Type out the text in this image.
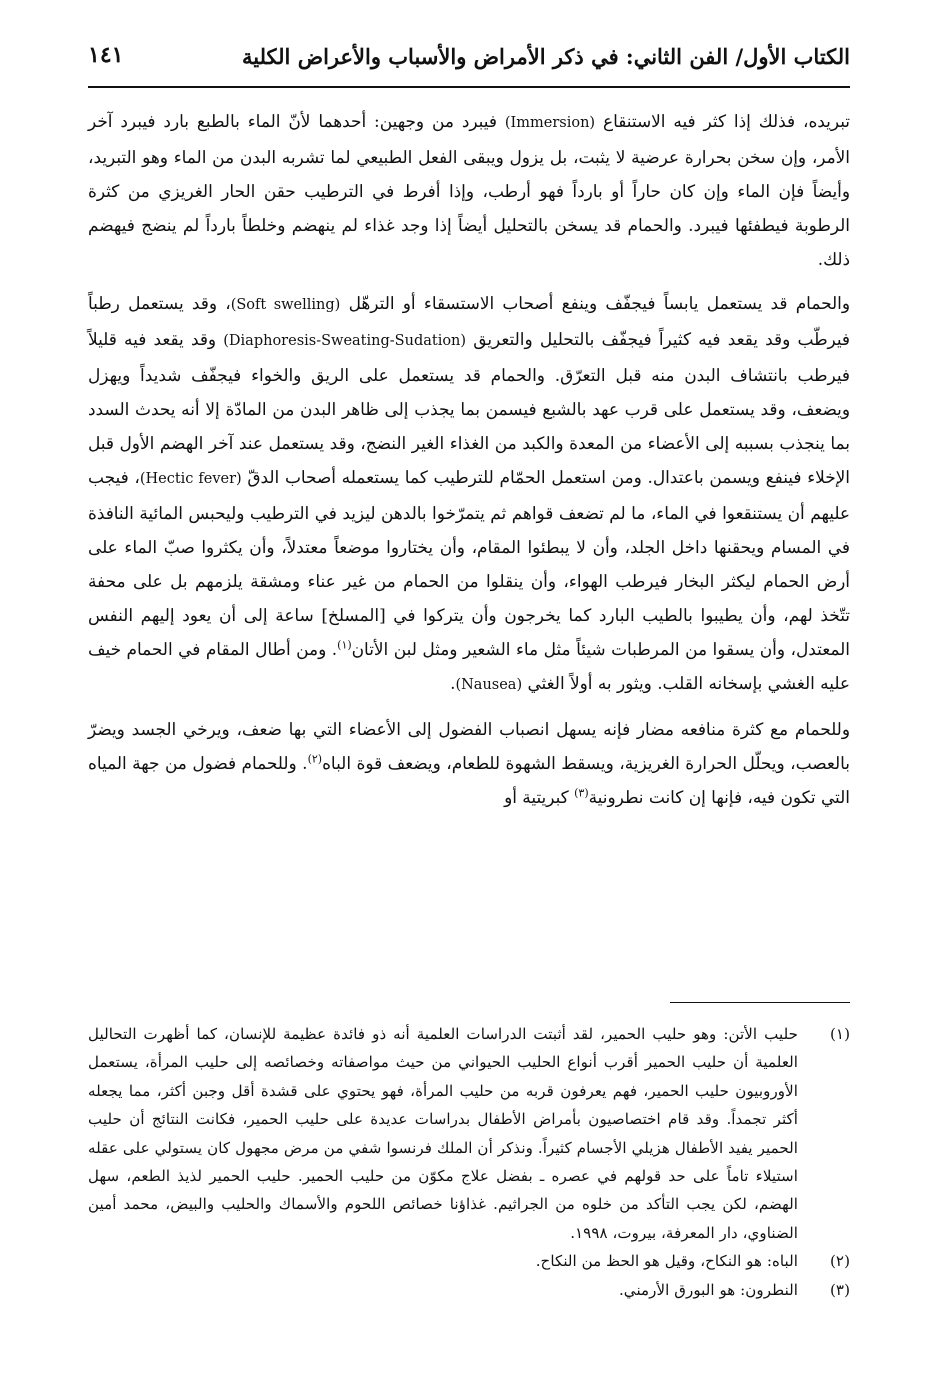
الكتاب الأول/ الفن الثاني: في ذكر الأمراض والأسباب والأعراض الكلية
١٤١

تبريده، فذلك إذا كثر فيه الاستنقاع (Immersion) فيبرد من وجهين: أحدهما لأنّ الماء بالطبع بارد فيبرد آخر الأمر، وإن سخن بحرارة عرضية لا يثبت، بل يزول ويبقى الفعل الطبيعي لما تشربه البدن من الماء وهو التبريد، وأيضاً فإن الماء وإن كان حاراً أو بارداً فهو أرطب، وإذا أفرط في الترطيب حقن الحار الغريزي من كثرة الرطوبة فيطفئها فيبرد. والحمام قد يسخن بالتحليل أيضاً إذا وجد غذاء لم ينهضم وخلطاً بارداً لم ينضج فيهضم ذلك.

والحمام قد يستعمل يابساً فيجفّف وينفع أصحاب الاستسقاء أو الترهّل (Soft swelling)، وقد يستعمل رطباً فيرطّب وقد يقعد فيه كثيراً فيجفّف بالتحليل والتعريق (Diaphoresis-Sweating-Sudation) وقد يقعد فيه قليلاً فيرطب بانتشاف البدن منه قبل التعرّق. والحمام قد يستعمل على الريق والخواء فيجفّف شديداً ويهزل ويضعف، وقد يستعمل على قرب عهد بالشبع فيسمن بما يجذب إلى ظاهر البدن من المادّة إلا أنه يحدث السدد بما ينجذب بسببه إلى الأعضاء من المعدة والكبد من الغذاء الغير النضج، وقد يستعمل عند آخر الهضم الأول قبل الإخلاء فينفع ويسمن باعتدال. ومن استعمل الحمّام للترطيب كما يستعمله أصحاب الدقّ (Hectic fever)، فيجب عليهم أن يستنقعوا في الماء، ما لم تضعف قواهم ثم يتمرّخوا بالدهن ليزيد في الترطيب وليحبس المائية النافذة في المسام ويحقنها داخل الجلد، وأن لا يبطئوا المقام، وأن يختاروا موضعاً معتدلاً، وأن يكثروا صبّ الماء على أرض الحمام ليكثر البخار فيرطب الهواء، وأن ينقلوا من الحمام من غير عناء ومشقة يلزمهم بل على محفة تتّخذ لهم، وأن يطيبوا بالطيب البارد كما يخرجون وأن يتركوا في [المسلخ] ساعة إلى أن يعود إليهم النفس المعتدل، وأن يسقوا من المرطبات شيئاً مثل ماء الشعير ومثل لبن الأتان$^{(١)}$. ومن أطال المقام في الحمام خيف عليه الغشي بإسخانه القلب. ويثور به أولاً الغثي (Nausea).

وللحمام مع كثرة منافعه مضار فإنه يسهل انصباب الفضول إلى الأعضاء التي بها ضعف، ويرخي الجسد ويضرّ بالعصب، ويحلّل الحرارة الغريزية، ويسقط الشهوة للطعام، ويضعف قوة الباه$^{(٢)}$. وللحمام فضول من جهة المياه التي تكون فيه، فإنها إن كانت نطرونية$^{(٣)}$ كبريتية أو

(١)
حليب الأتن: وهو حليب الحمير، لقد أثبتت الدراسات العلمية أنه ذو فائدة عظيمة للإنسان، كما أظهرت التحاليل العلمية أن حليب الحمير أقرب أنواع الحليب الحيواني من حيث مواصفاته وخصائصه إلى حليب المرأة، يستعمل الأوروبيون حليب الحمير، فهم يعرفون قربه من حليب المرأة، فهو يحتوي على قشدة أقل وجبن أكثر، مما يجعله أكثر تجمداً. وقد قام اختصاصيون بأمراض الأطفال بدراسات عديدة على حليب الحمير، فكانت النتائج أن حليب الحمير يفيد الأطفال هزيلي الأجسام كثيراً. ونذكر أن الملك فرنسوا شفي من مرض مجهول كان يستولي على عقله استيلاء تاماً على حد قولهم في عصره ـ بفضل علاج مكوّن من حليب الحمير. حليب الحمير لذيذ الطعم، سهل الهضم، لكن يجب التأكد من خلوه من الجراثيم. غذاؤنا خصائص اللحوم والأسماك والحليب والبيض، محمد أمين الضناوي، دار المعرفة، بيروت، ١٩٩٨.
(٢)
الباه: هو النكاح، وقيل هو الحظ من النكاح.
(٣)
النطرون: هو البورق الأرمني.
